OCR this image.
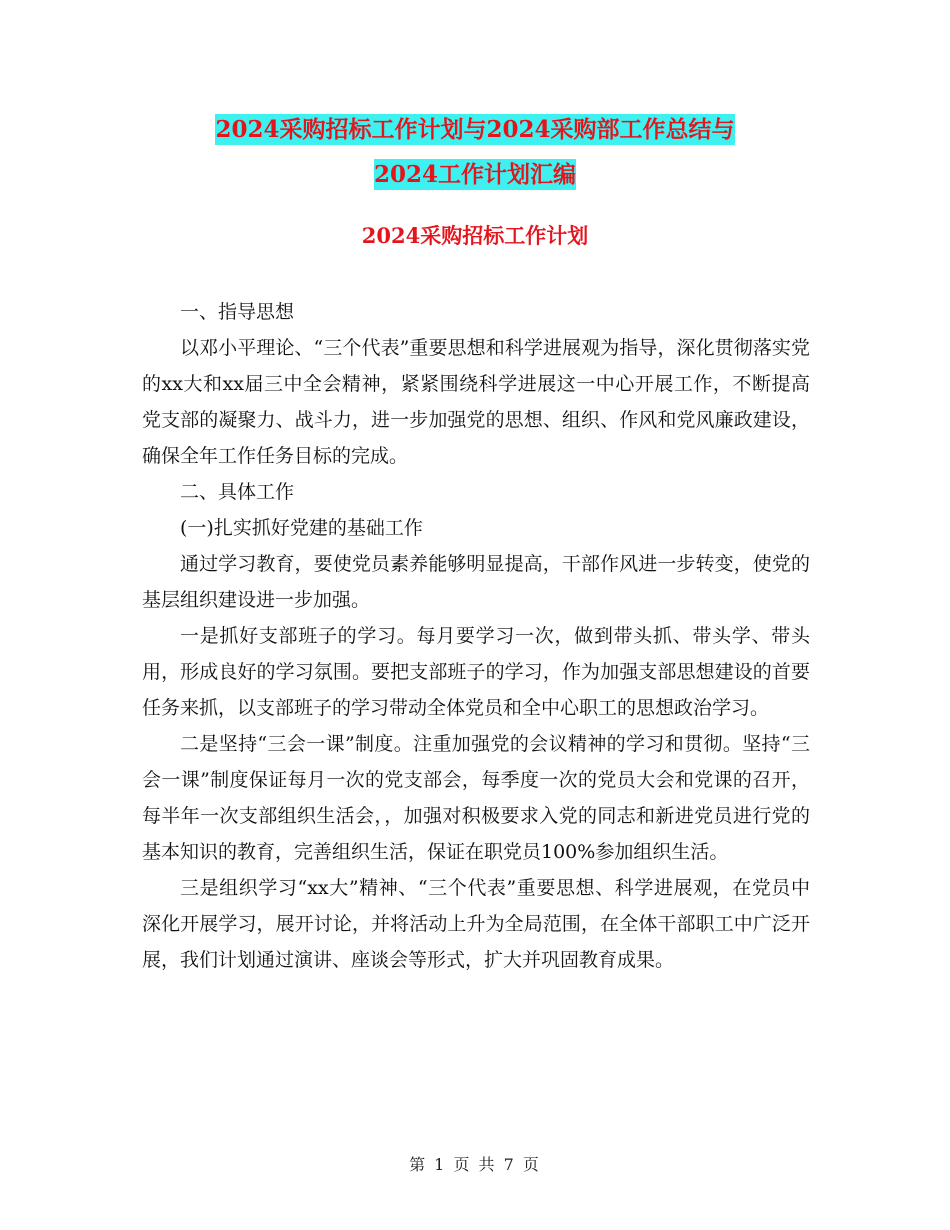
2024采购招标工作计划与2024采购部工作总结与
2024工作计划汇编
2024采购招标工作计划

一、指导思想

以邓小平理论、“三个代表”重要思想和科学进展观为指导，深化贯彻落实党的xx大和xx届三中全会精神，紧紧围绕科学进展这一中心开展工作，不断提高党支部的凝聚力、战斗力，进一步加强党的思想、组织、作风和党风廉政建设，确保全年工作任务目标的完成。

二、具体工作

(一)扎实抓好党建的基础工作

通过学习教育，要使党员素养能够明显提高，干部作风进一步转变，使党的基层组织建设进一步加强。

一是抓好支部班子的学习。每月要学习一次，做到带头抓、带头学、带头用，形成良好的学习氛围。要把支部班子的学习，作为加强支部思想建设的首要任务来抓，以支部班子的学习带动全体党员和全中心职工的思想政治学习。

二是坚持“三会一课”制度。注重加强党的会议精神的学习和贯彻。坚持“三会一课”制度保证每月一次的党支部会，每季度一次的党员大会和党课的召开，每半年一次支部组织生活会，，加强对积极要求入党的同志和新进党员进行党的基本知识的教育，完善组织生活，保证在职党员100%参加组织生活。

三是组织学习“xx大”精神、“三个代表”重要思想、科学进展观，在党员中深化开展学习，展开讨论，并将活动上升为全局范围，在全体干部职工中广泛开展，我们计划通过演讲、座谈会等形式，扩大并巩固教育成果。

第 1 页 共 7 页
